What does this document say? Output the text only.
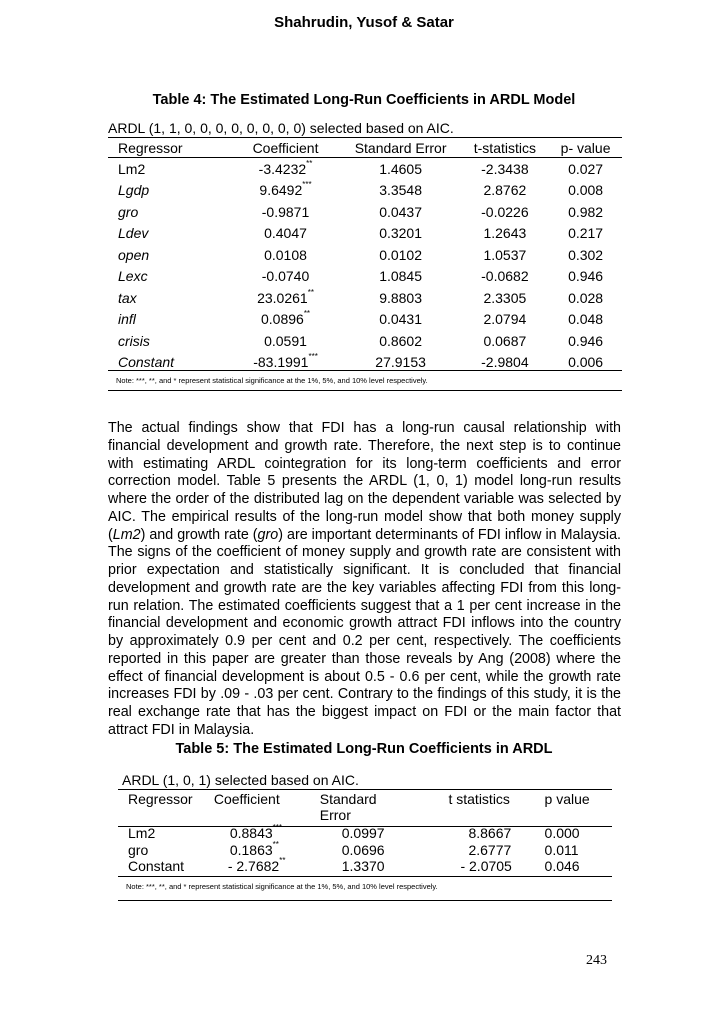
Shahrudin, Yusof & Satar
Table 4: The Estimated Long-Run Coefficients in ARDL Model
ARDL (1, 1, 0, 0, 0, 0, 0, 0, 0, 0) selected based on AIC.
Regressor	Coefficient	Standard Error	t-statistics	p- value
Lm2	-3.4232**	1.4605	-2.3438	0.027
Lgdp	9.6492***	3.3548	2.8762	0.008
gro	-0.9871	0.0437	-0.0226	0.982
Ldev	0.4047	0.3201	1.2643	0.217
open	0.0108	0.0102	1.0537	0.302
Lexc	-0.0740	1.0845	-0.0682	0.946
tax	23.0261**	9.8803	2.3305	0.028
infl	0.0896**	0.0431	2.0794	0.048
crisis	0.0591	0.8602	0.0687	0.946
Constant	-83.1991***	27.9153	-2.9804	0.006
Note: ***, **, and * represent statistical significance at the 1%, 5%, and 10% level respectively.
The actual findings show that FDI has a long-run causal relationship with financial development and growth rate. Therefore, the next step is to continue with estimating ARDL cointegration for its long-term coefficients and error correction model. Table 5 presents the ARDL (1, 0, 1) model long-run results where the order of the distributed lag on the dependent variable was selected by AIC. The empirical results of the long-run model show that both money supply (Lm2) and growth rate (gro) are important determinants of FDI inflow in Malaysia. The signs of the coefficient of money supply and growth rate are consistent with prior expectation and statistically significant. It is concluded that financial development and growth rate are the key variables affecting FDI from this long-run relation. The estimated coefficients suggest that a 1 per cent increase in the financial development and economic growth attract FDI inflows into the country by approximately 0.9 per cent and 0.2 per cent, respectively. The coefficients reported in this paper are greater than those reveals by Ang (2008) where the effect of financial development is about 0.5 - 0.6 per cent, while the growth rate increases FDI by .09 - .03 per cent. Contrary to the findings of this study, it is the real exchange rate that has the biggest impact on FDI or the main factor that attract FDI in Malaysia.
Table 5: The Estimated Long-Run Coefficients in ARDL
ARDL (1, 0, 1) selected based on AIC.
Regressor	Coefficient	Standard Error	t statistics	p value
Lm2	0.8843***	0.0997	8.8667	0.000
gro	0.1863**	0.0696	2.6777	0.011
Constant	- 2.7682**	1.3370	- 2.0705	0.046
Note: ***, **, and * represent statistical significance at the 1%, 5%, and 10% level respectively.
243
